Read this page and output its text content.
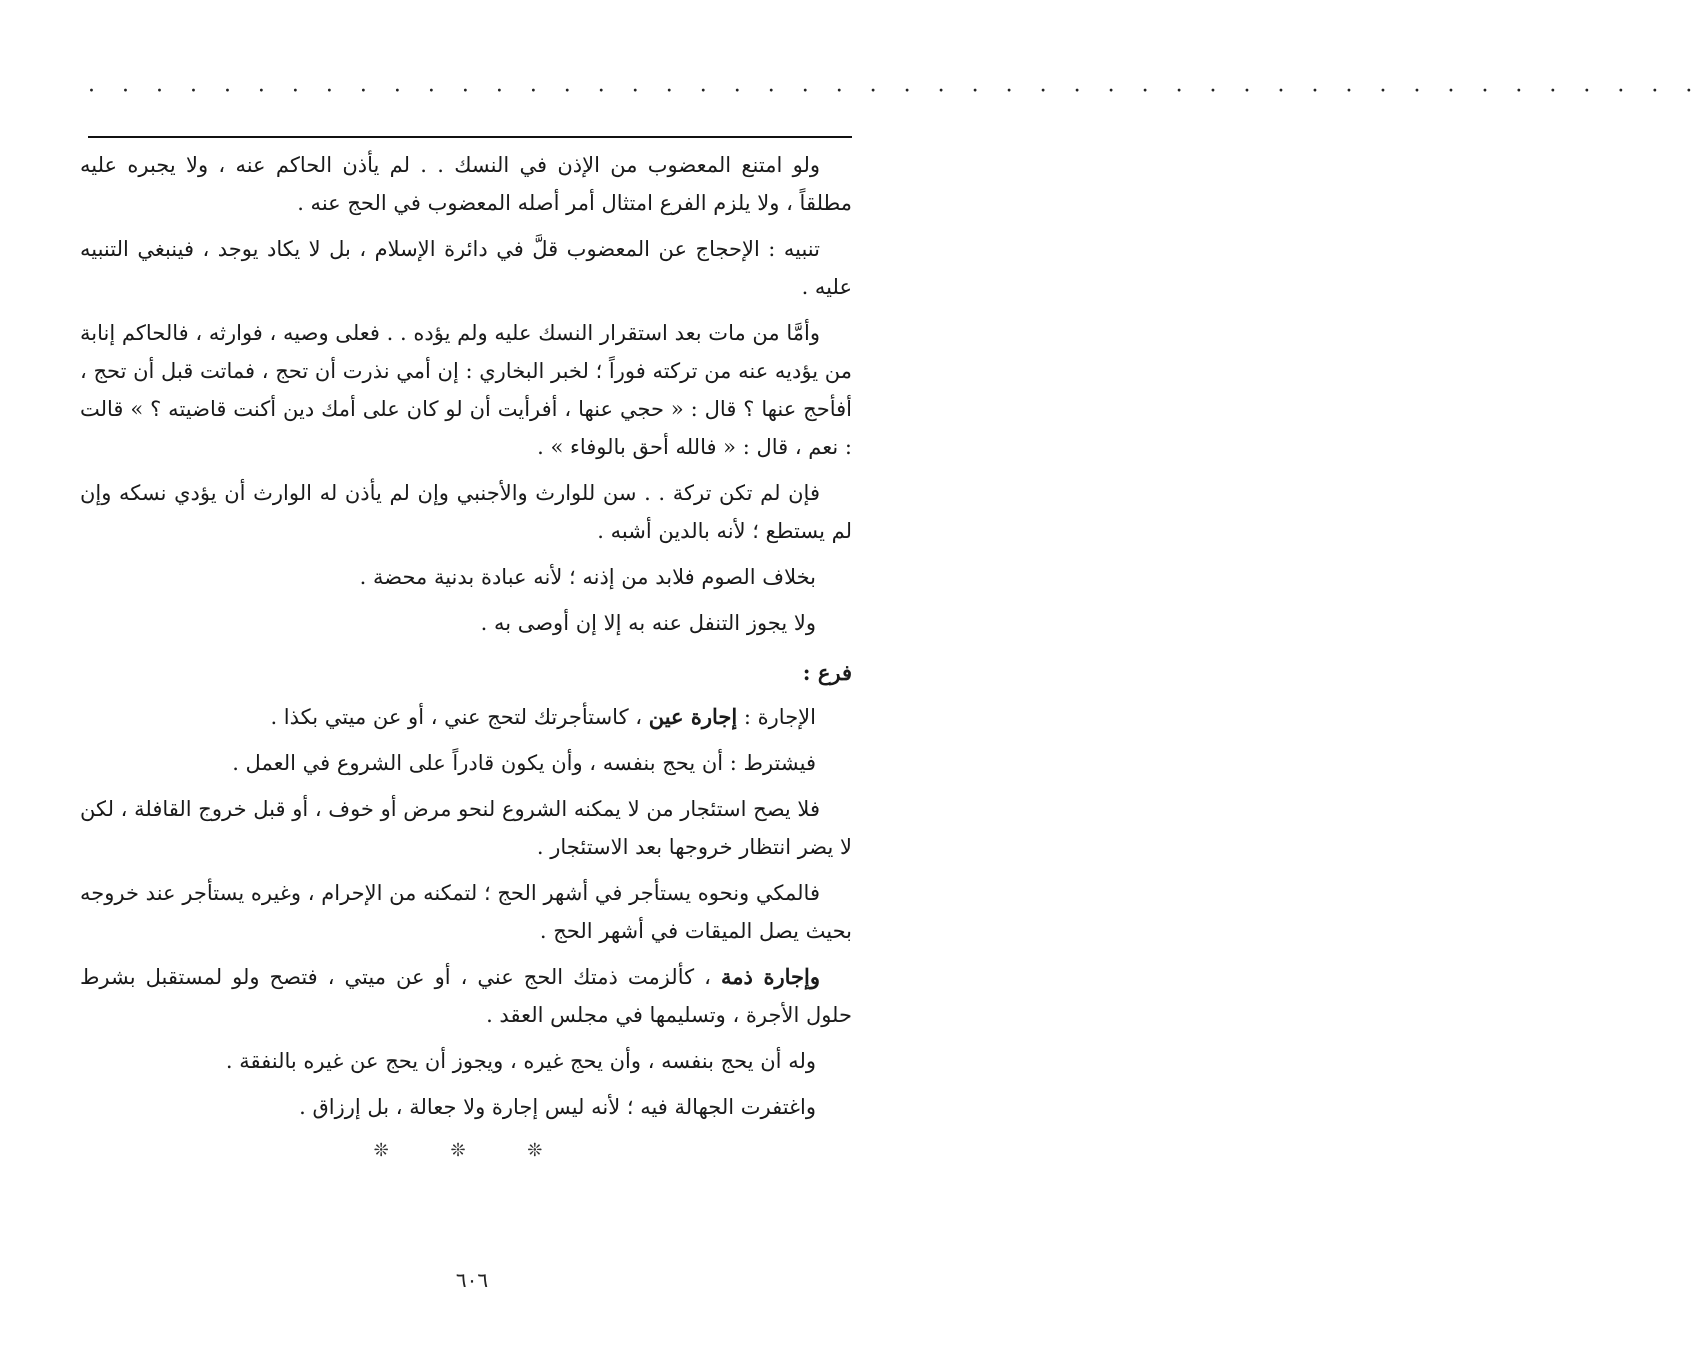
· · · · · · · · · · · · · · · · · · · · · · · · · · · · · · · · · · · · · · · · · · · · · · · ·

ولو امتنع المعضوب من الإذن في النسك . . لم يأذن الحاكم عنه ، ولا يجبره عليه مطلقاً ، ولا يلزم الفرع امتثال أمر أصله المعضوب في الحج عنه .

تنبيه : الإحجاج عن المعضوب قلَّ في دائرة الإسلام ، بل لا يكاد يوجد ، فينبغي التنبيه عليه .

وأمَّا من مات بعد استقرار النسك عليه ولم يؤده . . فعلى وصيه ، فوارثه ، فالحاكم إنابة من يؤديه عنه من تركته فوراً ؛ لخبر البخاري : إن أمي نذرت أن تحج ، فماتت قبل أن تحج ، أفأحج عنها ؟ قال : « حجي عنها ، أفرأيت أن لو كان على أمك دين أكنت قاضيته ؟ » قالت : نعم ، قال : « فالله أحق بالوفاء » .

فإن لم تكن تركة . . سن للوارث والأجنبي وإن لم يأذن له الوارث أن يؤدي نسكه وإن لم يستطع ؛ لأنه بالدين أشبه .

بخلاف الصوم فلابد من إذنه ؛ لأنه عبادة بدنية محضة .

ولا يجوز التنفل عنه به إلا إن أوصى به .

فرع :

الإجارة : إجارة عين ، كاستأجرتك لتحج عني ، أو عن ميتي بكذا .

فيشترط : أن يحج بنفسه ، وأن يكون قادراً على الشروع في العمل .

فلا يصح استئجار من لا يمكنه الشروع لنحو مرض أو خوف ، أو قبل خروج القافلة ، لكن لا يضر انتظار خروجها بعد الاستئجار .

فالمكي ونحوه يستأجر في أشهر الحج ؛ لتمكنه من الإحرام ، وغيره يستأجر عند خروجه بحيث يصل الميقات في أشهر الحج .

وإجارة ذمة ، كألزمت ذمتك الحج عني ، أو عن ميتي ، فتصح ولو لمستقبل بشرط حلول الأجرة ، وتسليمها في مجلس العقد .

وله أن يحج بنفسه ، وأن يحج غيره ، ويجوز أن يحج عن غيره بالنفقة .

واغتفرت الجهالة فيه ؛ لأنه ليس إجارة ولا جعالة ، بل إرزاق .

❊ ❊ ❊
٦٠٦
